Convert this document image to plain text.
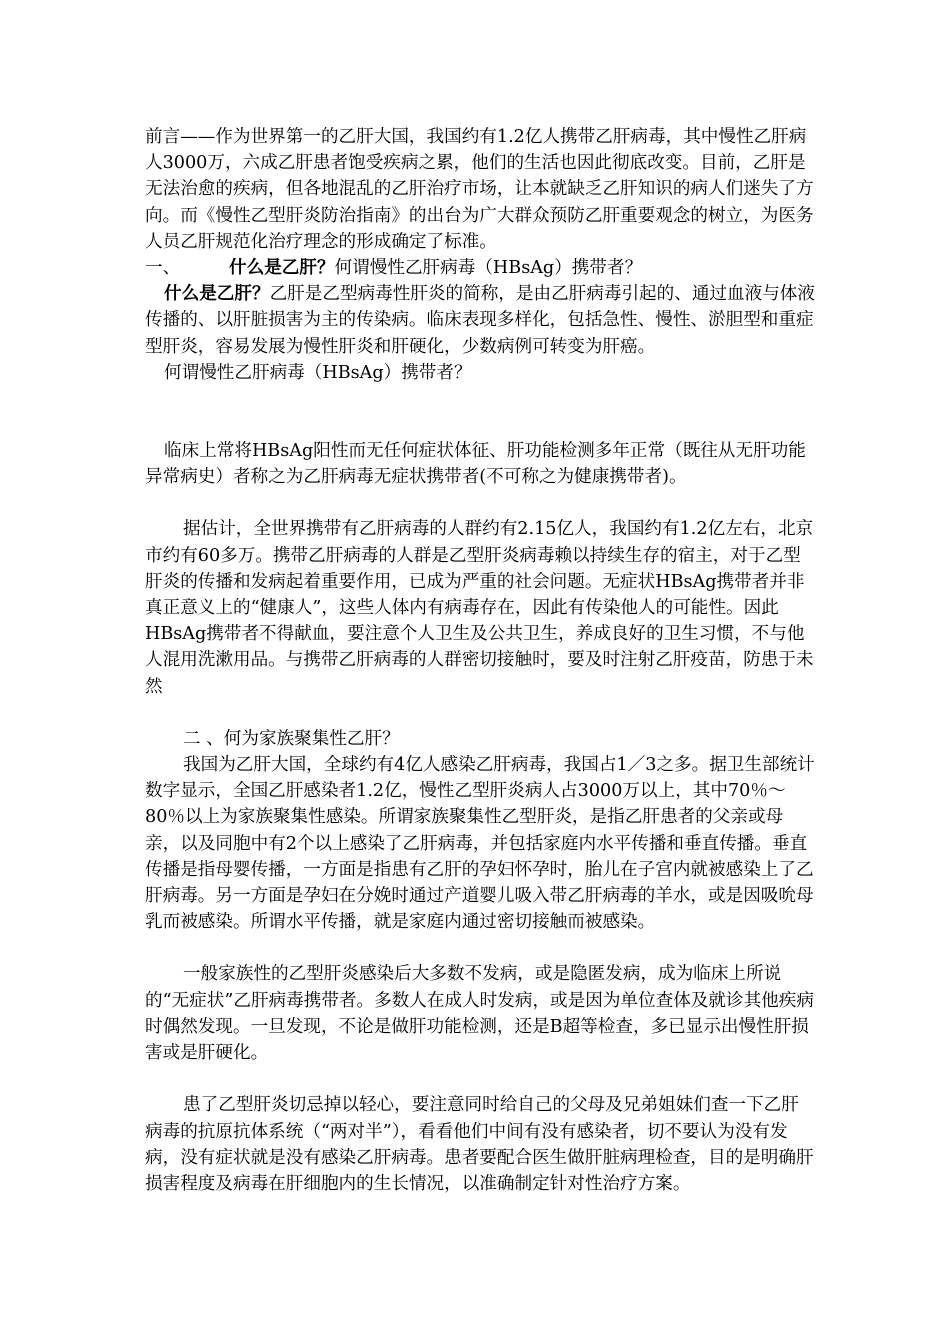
前言——作为世界第一的乙肝大国，我国约有1.2亿人携带乙肝病毒，其中慢性乙肝病人3000万，六成乙肝患者饱受疾病之累，他们的生活也因此彻底改变。目前，乙肝是无法治愈的疾病，但各地混乱的乙肝治疗市场，让本就缺乏乙肝知识的病人们迷失了方向。而《慢性乙型肝炎防治指南》的出台为广大群众预防乙肝重要观念的树立，为医务人员乙肝规范化治疗理念的形成确定了标准。

一、	什么是乙肝？何谓慢性乙肝病毒（HBsAg）携带者？

什么是乙肝？乙肝是乙型病毒性肝炎的简称，是由乙肝病毒引起的、通过血液与体液传播的、以肝脏损害为主的传染病。临床表现多样化，包括急性、慢性、淤胆型和重症型肝炎，容易发展为慢性肝炎和肝硬化，少数病例可转变为肝癌。

何谓慢性乙肝病毒（HBsAg）携带者？

临床上常将HBsAg阳性而无任何症状体征、肝功能检测多年正常（既往从无肝功能异常病史）者称之为乙肝病毒无症状携带者(不可称之为健康携带者)。

据估计，全世界携带有乙肝病毒的人群约有2.15亿人，我国约有1.2亿左右，北京市约有60多万。携带乙肝病毒的人群是乙型肝炎病毒赖以持续生存的宿主，对于乙型肝炎的传播和发病起着重要作用，已成为严重的社会问题。无症状HBsAg携带者并非真正意义上的“健康人”，这些人体内有病毒存在，因此有传染他人的可能性。因此HBsAg携带者不得献血，要注意个人卫生及公共卫生，养成良好的卫生习惯，不与他人混用洗漱用品。与携带乙肝病毒的人群密切接触时，要及时注射乙肝疫苗，防患于未然

二 、何为家族聚集性乙肝？

我国为乙肝大国，全球约有4亿人感染乙肝病毒，我国占1／3之多。据卫生部统计数字显示，全国乙肝感染者1.2亿，慢性乙型肝炎病人占3000万以上，其中70％～80％以上为家族聚集性感染。所谓家族聚集性乙型肝炎，是指乙肝患者的父亲或母亲，以及同胞中有2个以上感染了乙肝病毒，并包括家庭内水平传播和垂直传播。垂直传播是指母婴传播，一方面是指患有乙肝的孕妇怀孕时，胎儿在子宫内就被感染上了乙肝病毒。另一方面是孕妇在分娩时通过产道婴儿吸入带乙肝病毒的羊水，或是因吸吮母乳而被感染。所谓水平传播，就是家庭内通过密切接触而被感染。

一般家族性的乙型肝炎感染后大多数不发病，或是隐匿发病，成为临床上所说的“无症状”乙肝病毒携带者。多数人在成人时发病，或是因为单位查体及就诊其他疾病时偶然发现。一旦发现，不论是做肝功能检测，还是B超等检查，多已显示出慢性肝损害或是肝硬化。

患了乙型肝炎切忌掉以轻心，要注意同时给自己的父母及兄弟姐妹们查一下乙肝病毒的抗原抗体系统（“两对半”），看看他们中间有没有感染者，切不要认为没有发病，没有症状就是没有感染乙肝病毒。患者要配合医生做肝脏病理检查，目的是明确肝损害程度及病毒在肝细胞内的生长情况，以准确制定针对性治疗方案。
